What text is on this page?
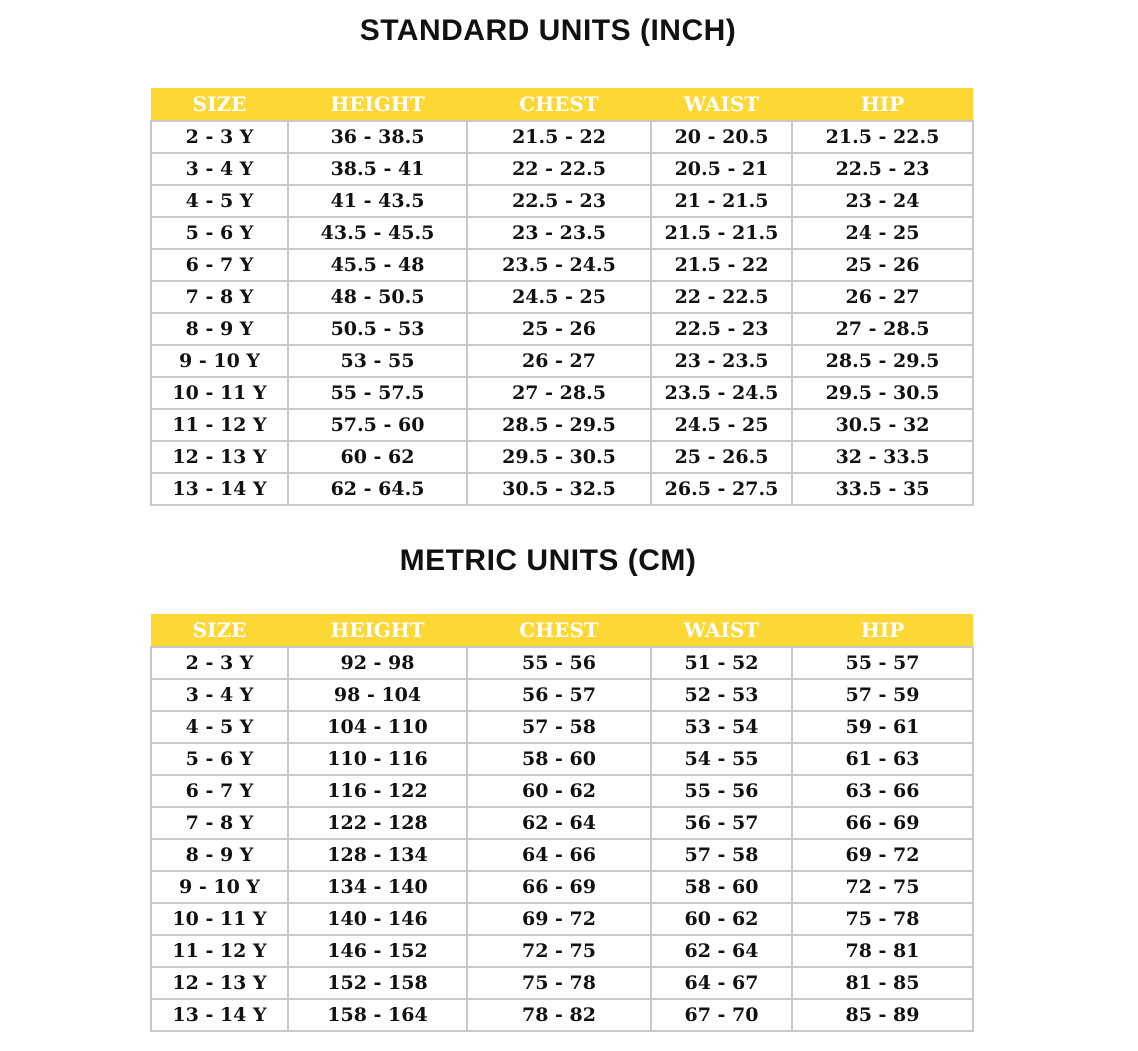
STANDARD UNITS (INCH)
SIZE	HEIGHT	CHEST	WAIST	HIP
2 - 3 Y	36 - 38.5	21.5 - 22	20 - 20.5	21.5 - 22.5
3 - 4 Y	38.5 - 41	22 - 22.5	20.5 - 21	22.5 - 23
4 - 5 Y	41 - 43.5	22.5 - 23	21 - 21.5	23 - 24
5 - 6 Y	43.5 - 45.5	23 - 23.5	21.5 - 21.5	24 - 25
6 - 7 Y	45.5 - 48	23.5 - 24.5	21.5 - 22	25 - 26
7 - 8 Y	48 - 50.5	24.5 - 25	22 - 22.5	26 - 27
8 - 9 Y	50.5 - 53	25 - 26	22.5 - 23	27 - 28.5
9 - 10 Y	53 - 55	26 - 27	23 - 23.5	28.5 - 29.5
10 - 11 Y	55 - 57.5	27 - 28.5	23.5 - 24.5	29.5 - 30.5
11 - 12 Y	57.5 - 60	28.5 - 29.5	24.5 - 25	30.5 - 32
12 - 13 Y	60 - 62	29.5 - 30.5	25 - 26.5	32 - 33.5
13 - 14 Y	62 - 64.5	30.5 - 32.5	26.5 - 27.5	33.5 - 35
METRIC UNITS (CM)
SIZE	HEIGHT	CHEST	WAIST	HIP
2 - 3 Y	92 - 98	55 - 56	51 - 52	55 - 57
3 - 4 Y	98 - 104	56 - 57	52 - 53	57 - 59
4 - 5 Y	104 - 110	57 - 58	53 - 54	59 - 61
5 - 6 Y	110 - 116	58 - 60	54 - 55	61 - 63
6 - 7 Y	116 - 122	60 - 62	55 - 56	63 - 66
7 - 8 Y	122 - 128	62 - 64	56 - 57	66 - 69
8 - 9 Y	128 - 134	64 - 66	57 - 58	69 - 72
9 - 10 Y	134 - 140	66 - 69	58 - 60	72 - 75
10 - 11 Y	140 - 146	69 - 72	60 - 62	75 - 78
11 - 12 Y	146 - 152	72 - 75	62 - 64	78 - 81
12 - 13 Y	152 - 158	75 - 78	64 - 67	81 - 85
13 - 14 Y	158 - 164	78 - 82	67 - 70	85 - 89
